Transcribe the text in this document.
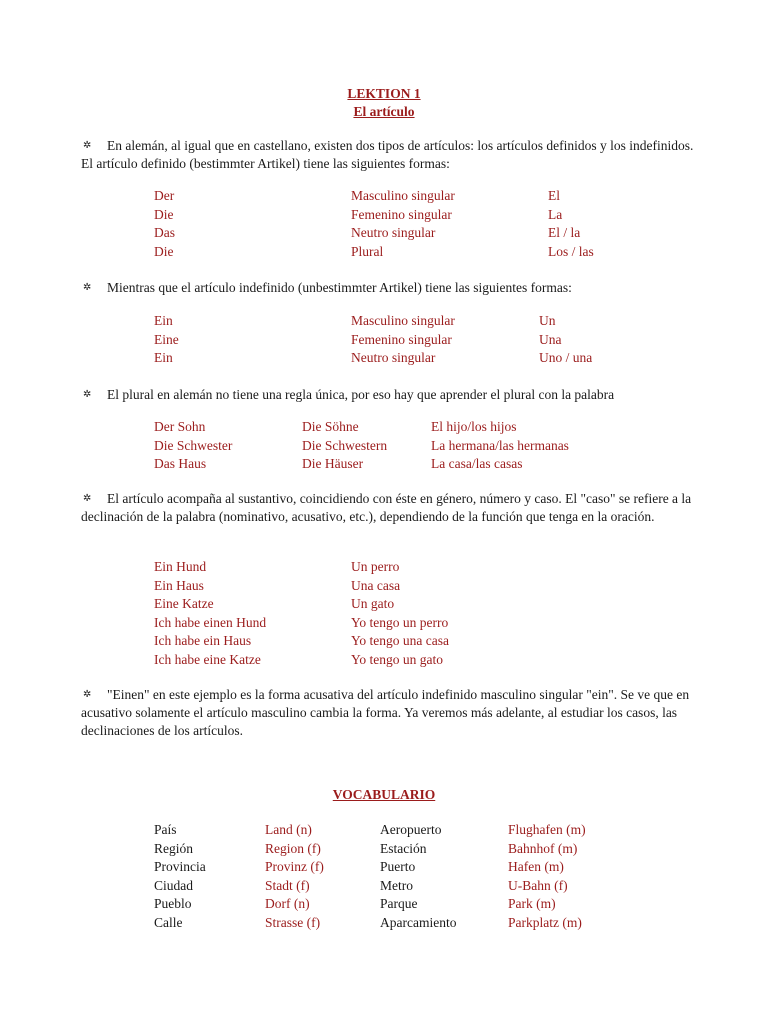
LEKTION 1
El artículo
✲ En alemán, al igual que en castellano, existen dos tipos de artículos: los artículos definidos y los indefinidos. El artículo definido (bestimmter Artikel) tiene las siguientes formas:
Der	Masculino singular	El
Die	Femenino singular	La
Das	Neutro singular	El / la
Die	Plural	Los / las
✲ Mientras que el artículo indefinido (unbestimmter Artikel) tiene las siguientes formas:
Ein	Masculino singular	Un
Eine	Femenino singular	Una
Ein	Neutro singular	Uno / una
✲ El plural en alemán no tiene una regla única, por eso hay que aprender el plural con la palabra
Der Sohn	Die Söhne	El hijo/los hijos
Die Schwester	Die Schwestern	La hermana/las hermanas
Das Haus	Die Häuser	La casa/las casas
✲ El artículo acompaña al sustantivo, coincidiendo con éste en género, número y caso. El "caso" se refiere a la declinación de la palabra (nominativo, acusativo, etc.), dependiendo de la función que tenga en la oración.
Ein Hund	Un perro
Ein Haus	Una casa
Eine Katze	Un gato
Ich habe einen Hund	Yo tengo un perro
Ich habe ein Haus	Yo tengo una casa
Ich habe eine Katze	Yo tengo un gato
✲ "Einen" en este ejemplo es la forma acusativa del artículo indefinido masculino singular "ein". Se ve que en acusativo solamente el artículo masculino cambia la forma. Ya veremos más adelante, al estudiar los casos, las declinaciones de los artículos.
VOCABULARIO
País	Land (n)	Aeropuerto	Flughafen (m)
Región	Region (f)	Estación	Bahnhof (m)
Provincia	Provinz (f)	Puerto	Hafen (m)
Ciudad	Stadt (f)	Metro	U-Bahn (f)
Pueblo	Dorf (n)	Parque	Park (m)
Calle	Strasse (f)	Aparcamiento	Parkplatz (m)
